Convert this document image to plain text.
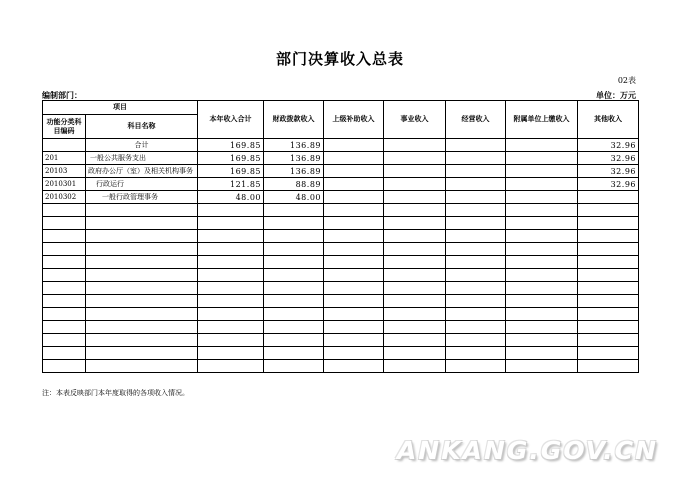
部门决算收入总表
02表
编制部门：	单位：万元
项目		本年收入合计	财政拨款收入	上级补助收入	事业收入	经营收入	附属单位上缴收入	其他收入
功能分类科目编码	科目名称							
	合计	169.85	136.89					32.96
201	一般公共服务支出	169.85	136.89					32.96
20103	政府办公厅（室）及相关机构事务	169.85	136.89					32.96
2010301	行政运行	121.85	88.89					32.96
2010302	一般行政管理事务	48.00	48.00					

注：本表反映部门本年度取得的各项收入情况。
ANKANG.GOV.CN
